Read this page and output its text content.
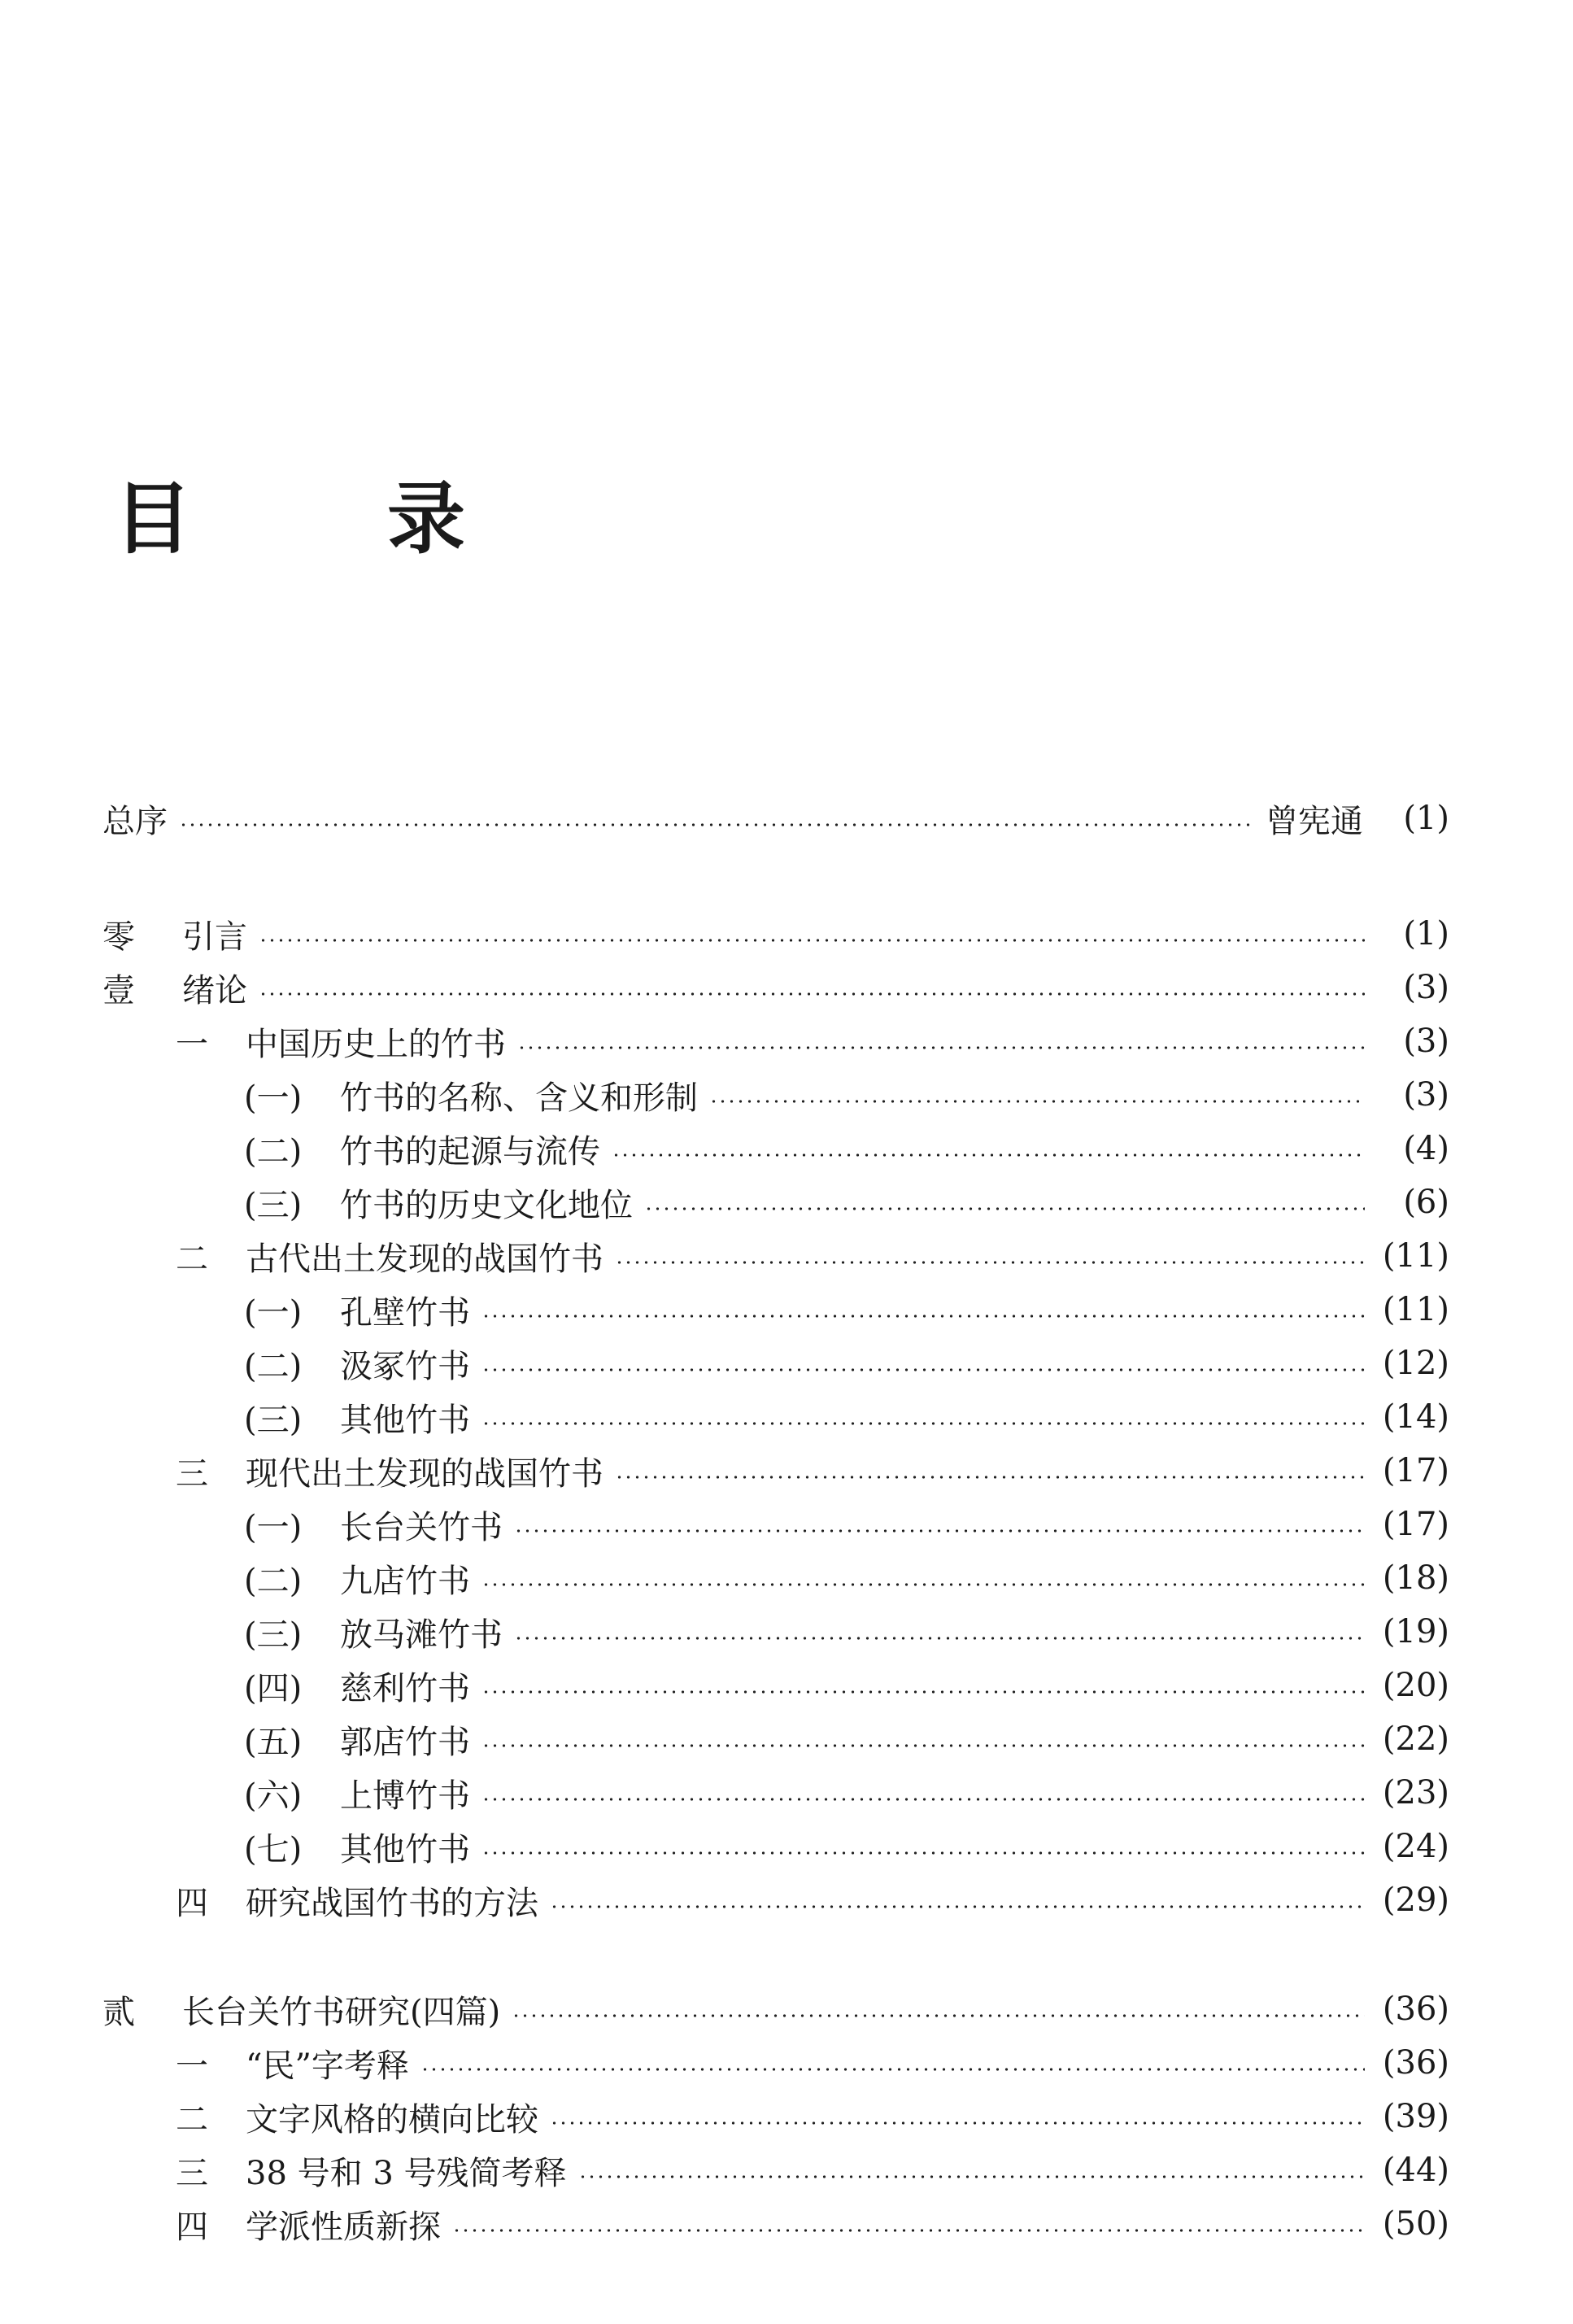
目	录
总序	曾宪通	(1)
零	引言	(1)
壹	绪论	(3)
一	中国历史上的竹书	(3)
(一)	竹书的名称、含义和形制	(3)
(二)	竹书的起源与流传	(4)
(三)	竹书的历史文化地位	(6)
二	古代出土发现的战国竹书	(11)
(一)	孔壁竹书	(11)
(二)	汲冢竹书	(12)
(三)	其他竹书	(14)
三	现代出土发现的战国竹书	(17)
(一)	长台关竹书	(17)
(二)	九店竹书	(18)
(三)	放马滩竹书	(19)
(四)	慈利竹书	(20)
(五)	郭店竹书	(22)
(六)	上博竹书	(23)
(七)	其他竹书	(24)
四	研究战国竹书的方法	(29)
贰	长台关竹书研究(四篇)	(36)
一	“民”字考释	(36)
二	文字风格的横向比较	(39)
三	38 号和 3 号残简考释	(44)
四	学派性质新探	(50)
